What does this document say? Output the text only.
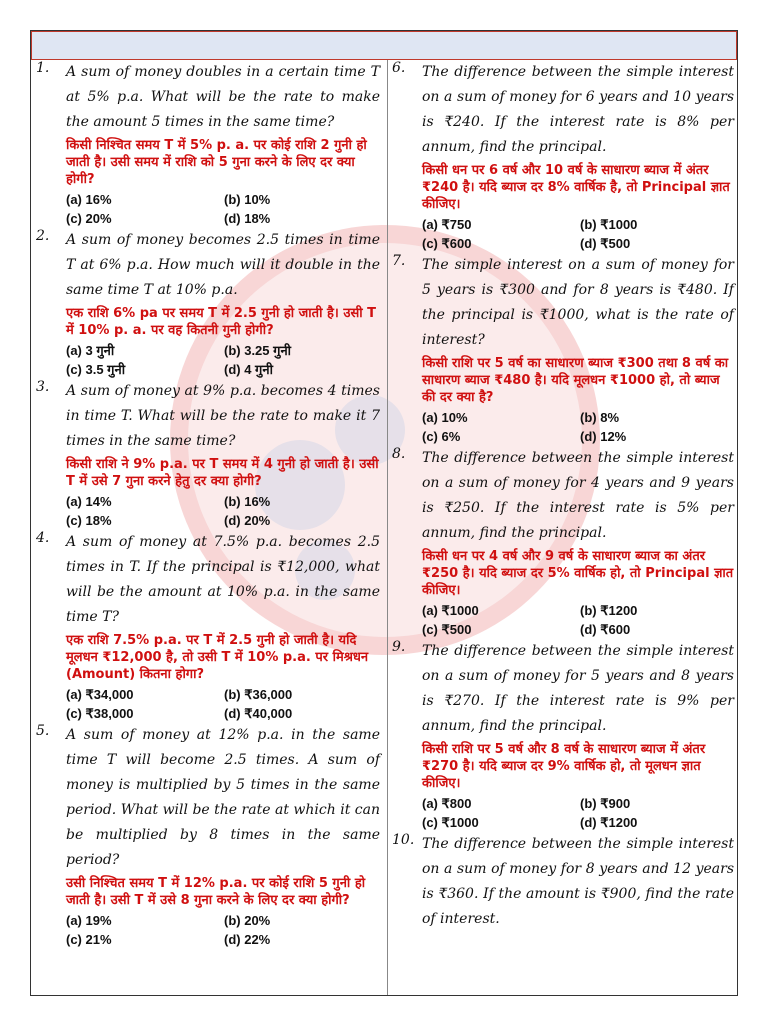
1. A sum of money doubles in a certain time T at 5% p.a. What will be the rate to make the amount 5 times in the same time?

किसी निश्चित समय T में 5% p. a. पर कोई राशि 2 गुनी हो जाती है। उसी समय में राशि को 5 गुना करने के लिए दर क्या होगी?
(a) 16%	(b) 10%
(c) 20%	(d) 18%
2. A sum of money becomes 2.5 times in time T at 6% p.a. How much will it double in the same time T at 10% p.a.

एक राशि 6% pa पर समय T में 2.5 गुनी हो जाती है। उसी T में 10% p. a. पर वह कितनी गुनी होगी?
(a) 3 गुनी	(b) 3.25 गुनी
(c) 3.5 गुनी	(d) 4 गुनी
3. A sum of money at 9% p.a. becomes 4 times in time T. What will be the rate to make it 7 times in the same time?

किसी राशि ने 9% p.a. पर T समय में 4 गुनी हो जाती है। उसी T में उसे 7 गुना करने हेतु दर क्या होगी?
(a) 14%	(b) 16%
(c) 18%	(d) 20%
4. A sum of money at 7.5% p.a. becomes 2.5 times in T. If the principal is ₹12,000, what will be the amount at 10% p.a. in the same time T?

एक राशि 7.5% p.a. पर T में 2.5 गुनी हो जाती है। यदि मूलधन ₹12,000 है, तो उसी T में 10% p.a. पर मिश्रधन (Amount) कितना होगा?
(a) ₹34,000	(b) ₹36,000
(c) ₹38,000	(d) ₹40,000
5. A sum of money at 12% p.a. in the same time T will become 2.5 times. A sum of money is multiplied by 5 times in the same period. What will be the rate at which it can be multiplied by 8 times in the same period?

उसी निश्चित समय T में 12% p.a. पर कोई राशि 5 गुनी हो जाती है। उसी T में उसे 8 गुना करने के लिए दर क्या होगी?
(a) 19%	(b) 20%
(c) 21%	(d) 22%
6. The difference between the simple interest on a sum of money for 6 years and 10 years is ₹240. If the interest rate is 8% per annum, find the principal.

किसी धन पर 6 वर्ष और 10 वर्ष के साधारण ब्याज में अंतर ₹240 है। यदि ब्याज दर 8% वार्षिक है, तो Principal ज्ञात कीजिए।
(a) ₹750	(b) ₹1000
(c) ₹600	(d) ₹500
7. The simple interest on a sum of money for 5 years is ₹300 and for 8 years is ₹480. If the principal is ₹1000, what is the rate of interest?

किसी राशि पर 5 वर्ष का साधारण ब्याज ₹300 तथा 8 वर्ष का साधारण ब्याज ₹480 है। यदि मूलधन ₹1000 हो, तो ब्याज की दर क्या है?
(a) 10%	(b) 8%
(c) 6%	(d) 12%
8. The difference between the simple interest on a sum of money for 4 years and 9 years is ₹250. If the interest rate is 5% per annum, find the principal.

किसी धन पर 4 वर्ष और 9 वर्ष के साधारण ब्याज का अंतर ₹250 है। यदि ब्याज दर 5% वार्षिक हो, तो Principal ज्ञात कीजिए।
(a) ₹1000	(b) ₹1200
(c) ₹500	(d) ₹600
9. The difference between the simple interest on a sum of money for 5 years and 8 years is ₹270. If the interest rate is 9% per annum, find the principal.

किसी राशि पर 5 वर्ष और 8 वर्ष के साधारण ब्याज में अंतर ₹270 है। यदि ब्याज दर 9% वार्षिक हो, तो मूलधन ज्ञात कीजिए।
(a) ₹800	(b) ₹900
(c) ₹1000	(d) ₹1200
10. The difference between the simple interest on a sum of money for 8 years and 12 years is ₹360. If the amount is ₹900, find the rate of interest.
